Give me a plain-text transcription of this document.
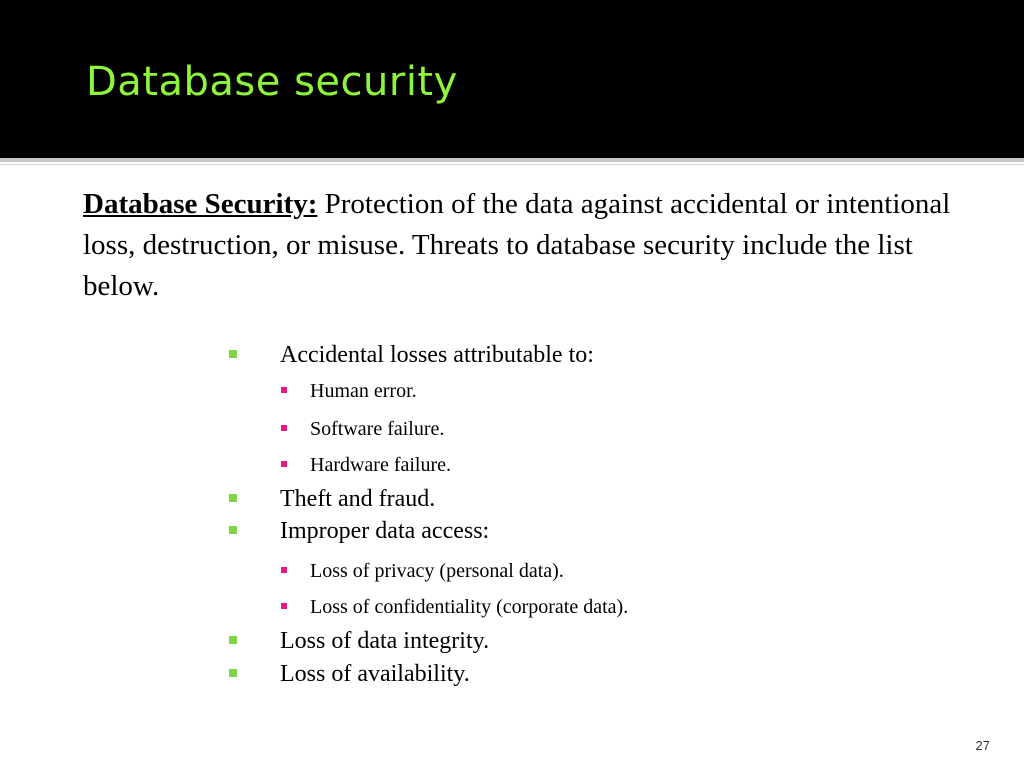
Database security

Database Security: Protection of the data against accidental or intentional loss, destruction, or misuse. Threats to database security include the list below.

Accidental losses attributable to:
Human error.
Software failure.
Hardware failure.
Theft and fraud.
Improper data access:
Loss of privacy (personal data).
Loss of confidentiality (corporate data).
Loss of data integrity.
Loss of availability.
27
